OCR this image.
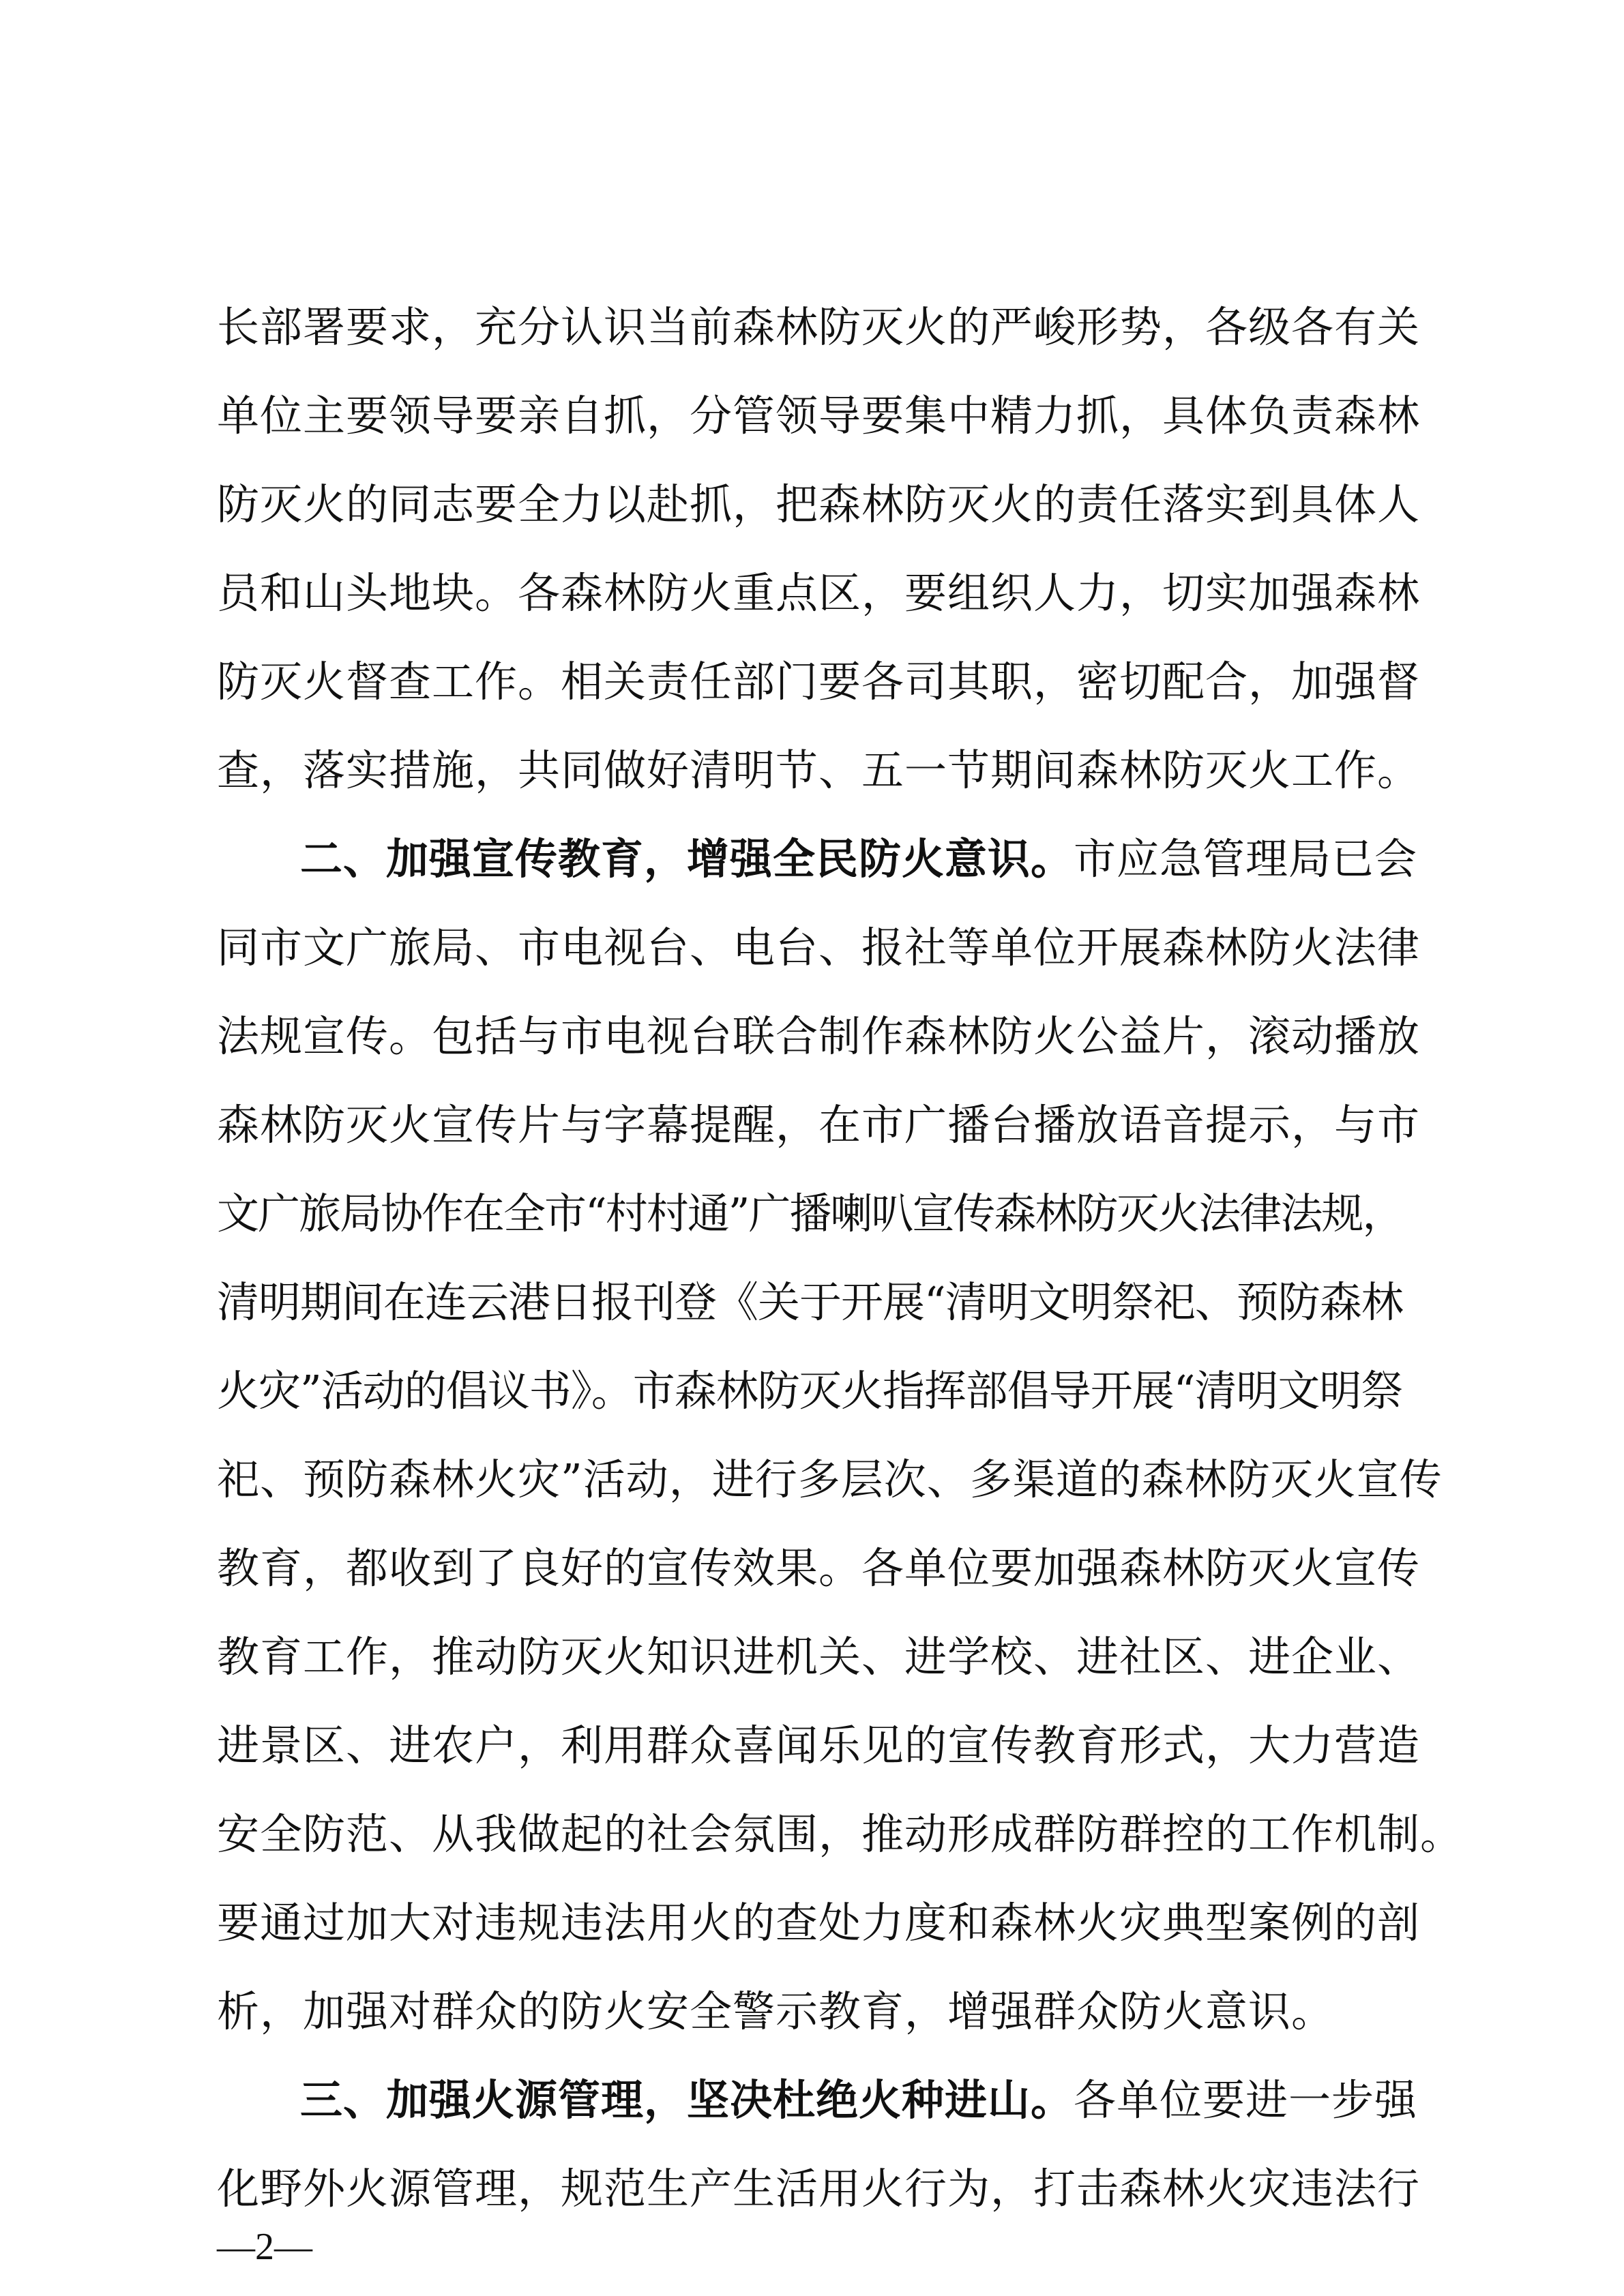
长部署要求，充分认识当前森林防灭火的严峻形势，各级各有关
单位主要领导要亲自抓，分管领导要集中精力抓，具体负责森林
防灭火的同志要全力以赴抓，把森林防灭火的责任落实到具体人
员和山头地块。各森林防火重点区，要组织人力，切实加强森林
防灭火督查工作。相关责任部门要各司其职，密切配合，加强督
查，落实措施，共同做好清明节、五一节期间森林防灭火工作。
二、加强宣传教育，增强全民防火意识。市应急管理局已会
同市文广旅局、市电视台、电台、报社等单位开展森林防火法律
法规宣传。包括与市电视台联合制作森林防火公益片，滚动播放
森林防灭火宣传片与字幕提醒，在市广播台播放语音提示，与市
文广旅局协作在全市“村村通”广播喇叭宣传森林防灭火法律法规，
清明期间在连云港日报刊登《关于开展“清明文明祭祀、预防森林
火灾”活动的倡议书》。市森林防灭火指挥部倡导开展“清明文明祭
祀、预防森林火灾”活动，进行多层次、多渠道的森林防灭火宣传
教育，都收到了良好的宣传效果。各单位要加强森林防灭火宣传
教育工作，推动防灭火知识进机关、进学校、进社区、进企业、
进景区、进农户，利用群众喜闻乐见的宣传教育形式，大力营造
安全防范、从我做起的社会氛围，推动形成群防群控的工作机制。
要通过加大对违规违法用火的查处力度和森林火灾典型案例的剖
析，加强对群众的防火安全警示教育，增强群众防火意识。
三、加强火源管理，坚决杜绝火种进山。各单位要进一步强
化野外火源管理，规范生产生活用火行为，打击森林火灾违法行
—2—
